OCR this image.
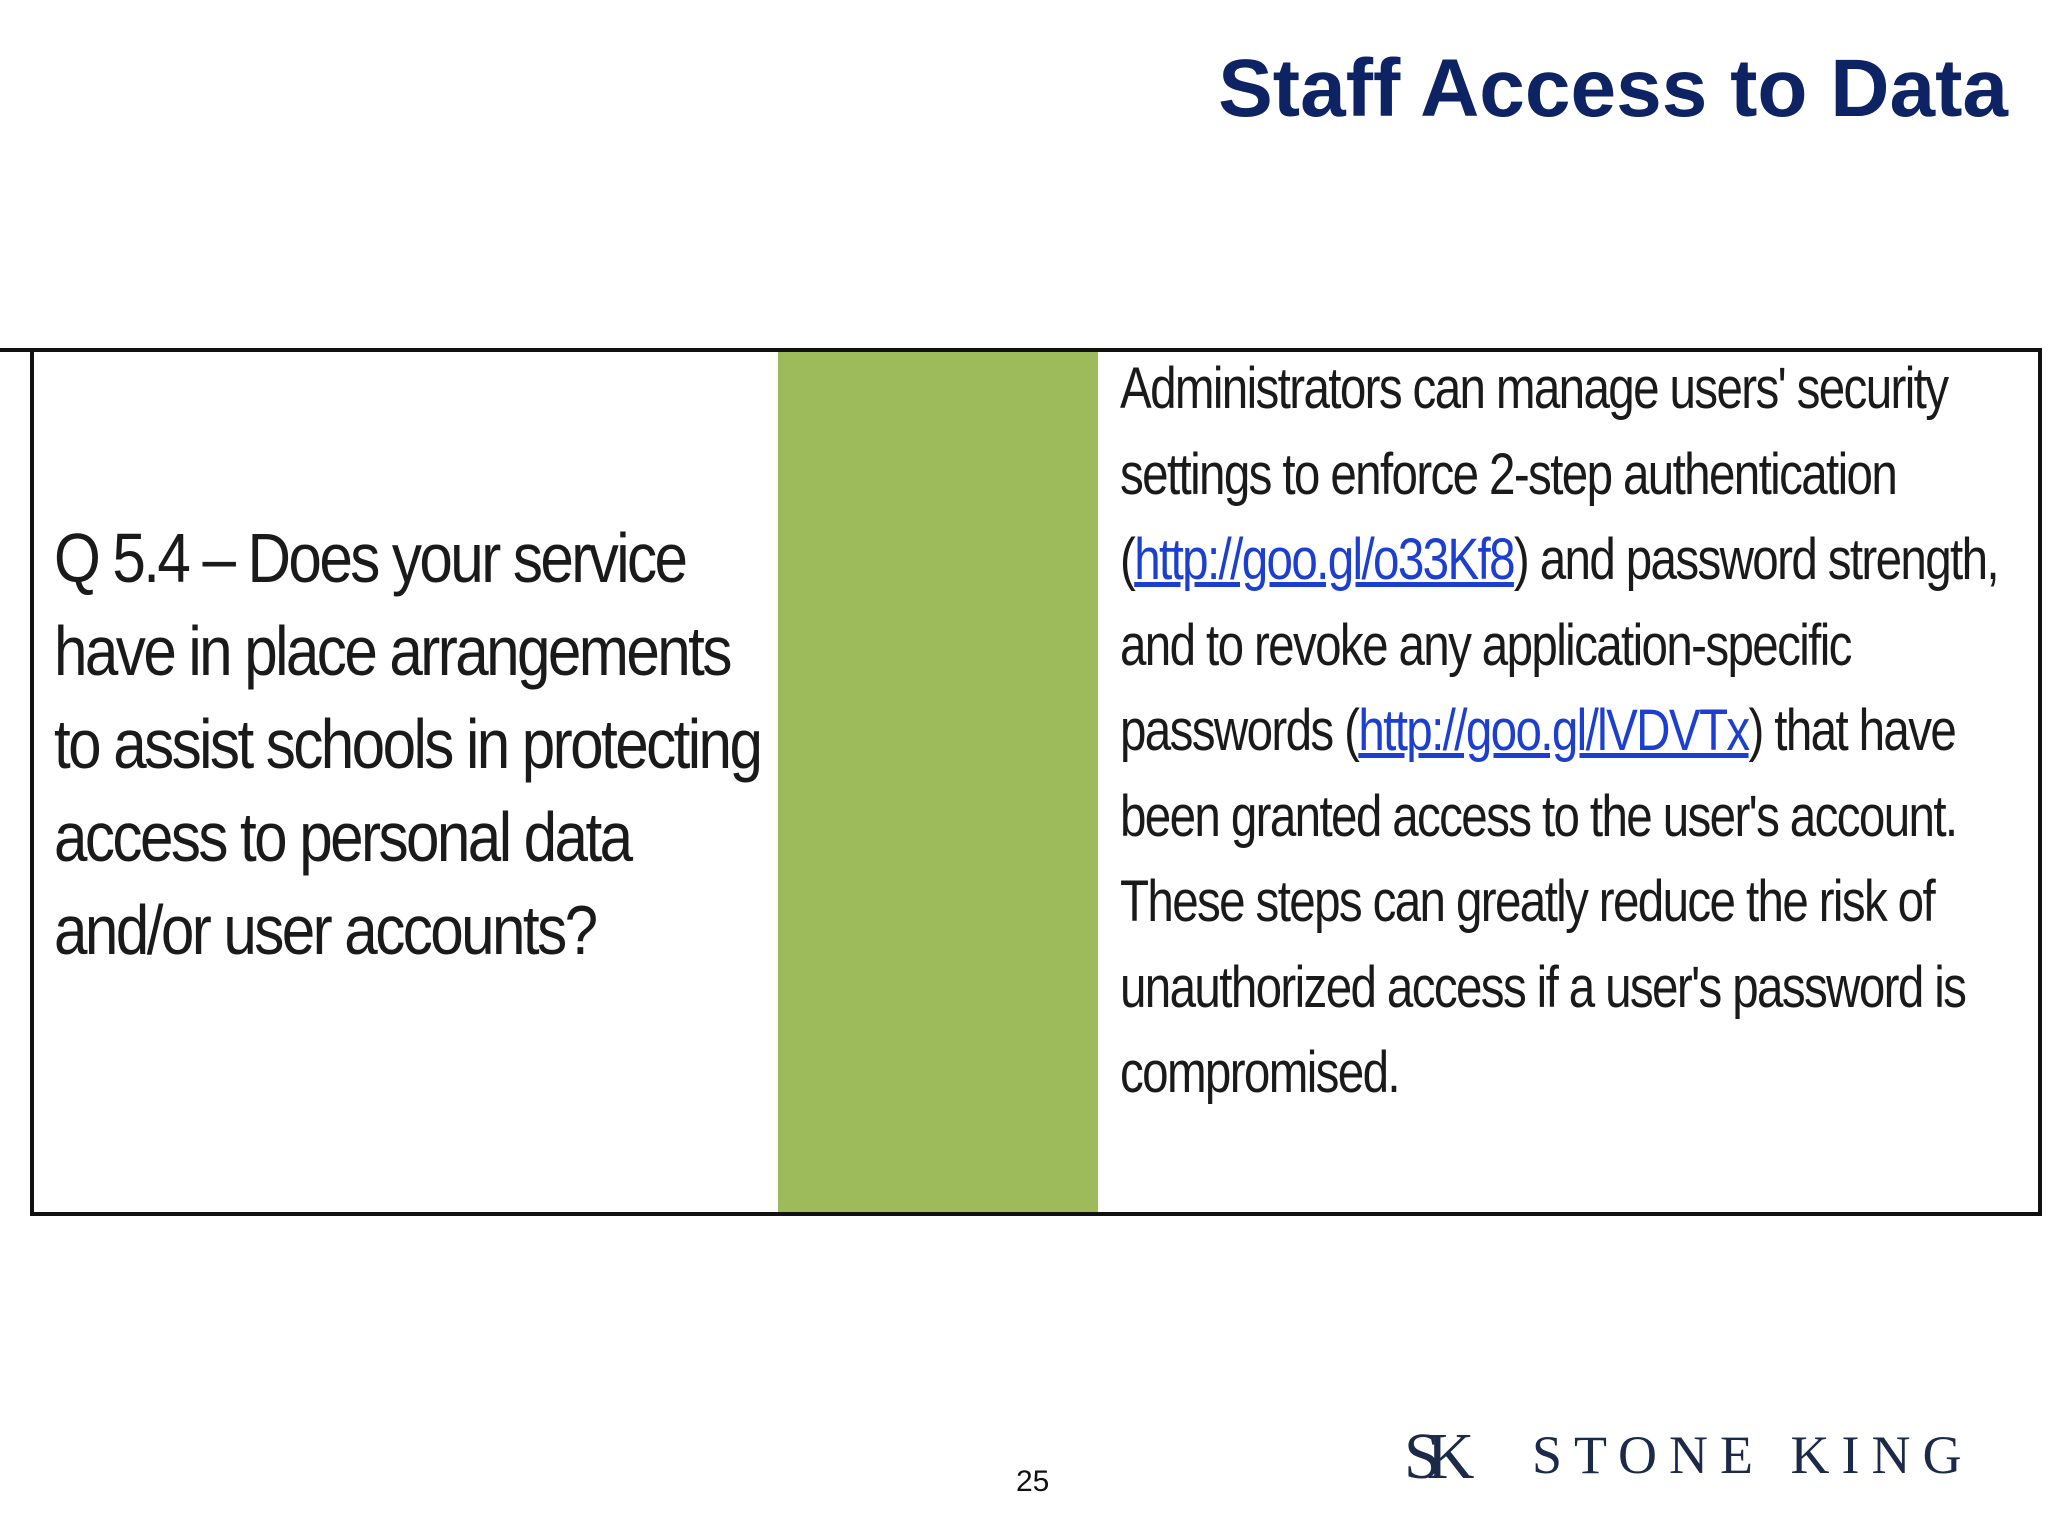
Staff Access to Data
Q 5.4 – Does your service have in place arrangements to assist schools in protecting access to personal data and/or user accounts?
Administrators can manage users' security settings to enforce 2-step authentication (http://goo.gl/o33Kf8) and password strength, and to revoke any application-specific passwords (http://goo.gl/lVDVTx) that have been granted access to the user's account. These steps can greatly reduce the risk of unauthorized access if a user's password is compromised.
25	SK STONE KING
